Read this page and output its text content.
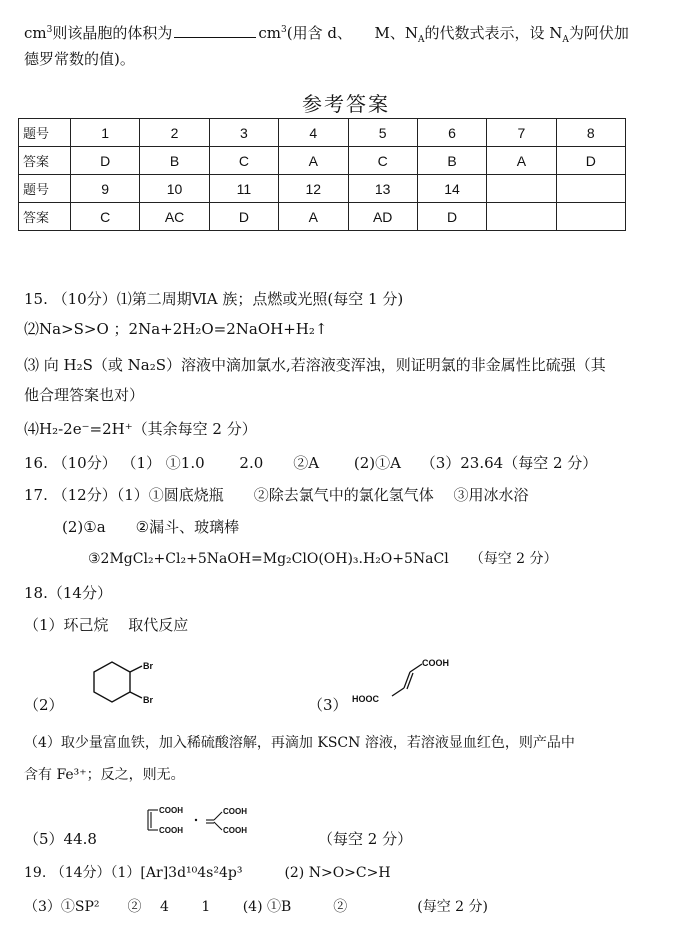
$cm^3$则该晶胞的体积为	$cm^3$(用含 d、　　M、$N_A$的代数式表示，设 $N_A$为阿伏加
德罗常数的值)。
参考答案
题号	1	2	3	4	5	6	7	8
答案	D	B	C	A	C	B	A	D
题号	9	10	11	12	13	14		
答案	C	AC	D	A	AD	D		
15. （10分）⑴第二周期ⅥA 族；点燃或光照(每空 1 分)
⑵Na>S>O ；2Na+2H₂O=2NaOH+H₂↑
⑶ 向 H₂S（或 Na₂S）溶液中滴加氯水,若溶液变浑浊，则证明氯的非金属性比硫强（其
他合理答案也对）
⑷H₂-2e⁻=2H⁺（其余每空 2 分）
16. （10分） （1） ①1.0　　 2.0　　②A　　 (2)①A　 （3）23.64（每空 2 分）
17. （12分）（1）①圆底烧瓶　　②除去氯气中的氯化氢气体　 ③用冰水浴
(2)①a　　②漏斗、玻璃棒
③2MgCl₂+Cl₂+5NaOH=Mg₂ClO(OH)₃.H₂O+5NaCl　　（每空 2 分）
18.（14分）
（1）环己烷　 取代反应
Br
Br
（2）	（3）
COOH
HOOC
（4）取少量富血铁，加入稀硫酸溶解，再滴加 KSCN 溶液，若溶液显血红色，则产品中
含有 Fe³⁺；反之，则无。
COOH
COOH
COOH
COOH
（5）44.8	（每空 2 分）
19. （14分）（1）[Ar]3d¹⁰4s²4p³　　　(2) N>O>C>H
（3）①SP²　　②　 4　　 1　　 (4) ①B　　　②　　　　　(每空 2 分)
